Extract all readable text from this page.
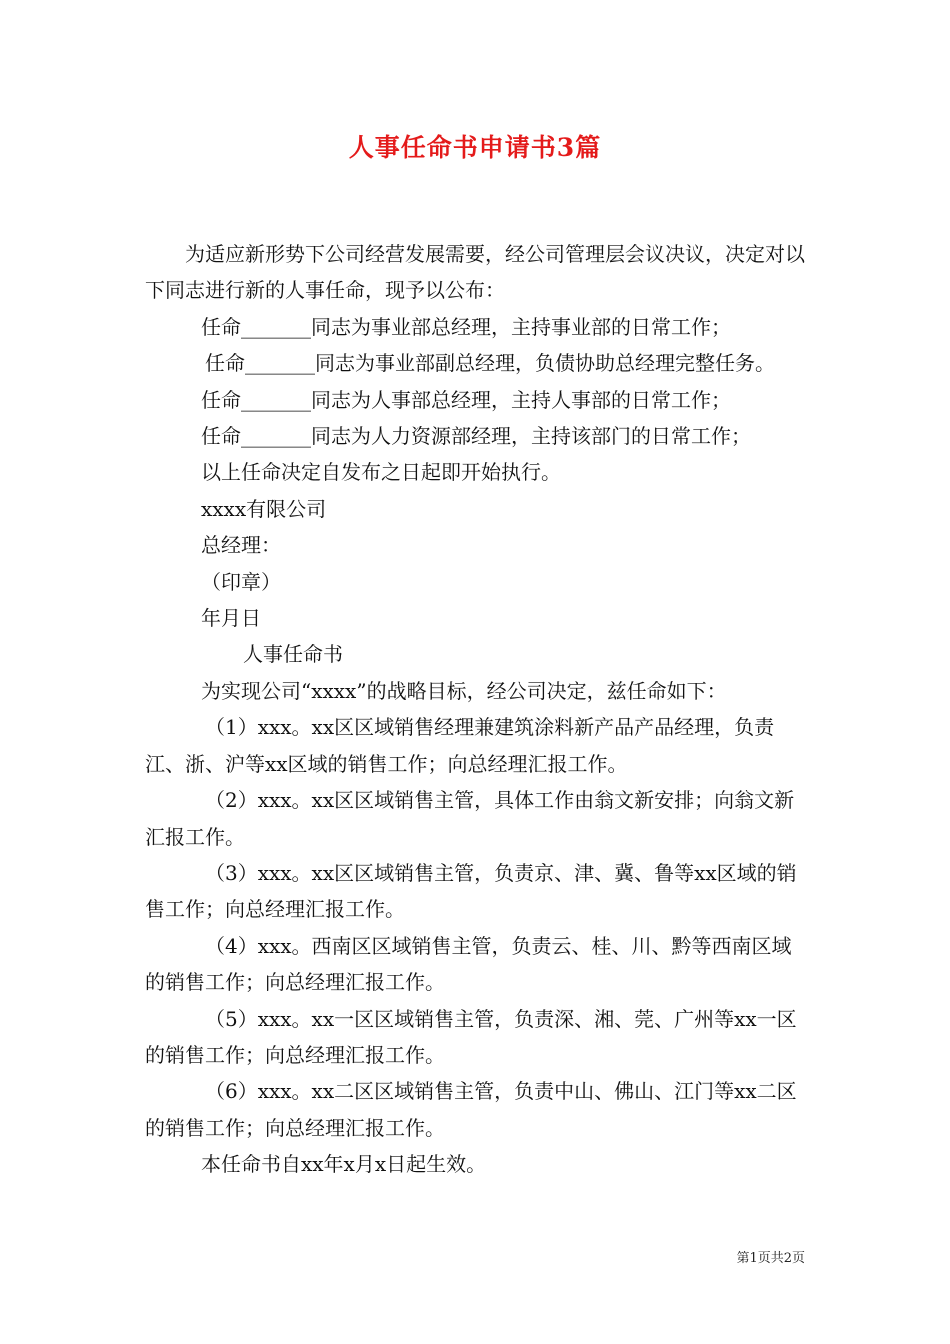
人事任命书申请书3篇

为适应新形势下公司经营发展需要，经公司管理层会议决议，决定对以下同志进行新的人事任命，现予以公布：

任命_______同志为事业部总经理，主持事业部的日常工作；

任命_______同志为事业部副总经理，负债协助总经理完整任务。

任命_______同志为人事部总经理，主持人事部的日常工作；

任命_______同志为人力资源部经理，主持该部门的日常工作；

以上任命决定自发布之日起即开始执行。

xxxx有限公司

总经理：

（印章）

年月日

人事任命书

为实现公司“xxxx”的战略目标，经公司决定，兹任命如下：

（1）xxx。xx区区域销售经理兼建筑涂料新产品产品经理，负责江、浙、沪等xx区域的销售工作；向总经理汇报工作。

（2）xxx。xx区区域销售主管，具体工作由翁文新安排；向翁文新汇报工作。

（3）xxx。xx区区域销售主管，负责京、津、冀、鲁等xx区域的销售工作；向总经理汇报工作。

（4）xxx。西南区区域销售主管，负责云、桂、川、黔等西南区域的销售工作；向总经理汇报工作。

（5）xxx。xx一区区域销售主管，负责深、湘、莞、广州等xx一区的销售工作；向总经理汇报工作。

（6）xxx。xx二区区域销售主管，负责中山、佛山、江门等xx二区的销售工作；向总经理汇报工作。

本任命书自xx年x月x日起生效。

第1页共2页
